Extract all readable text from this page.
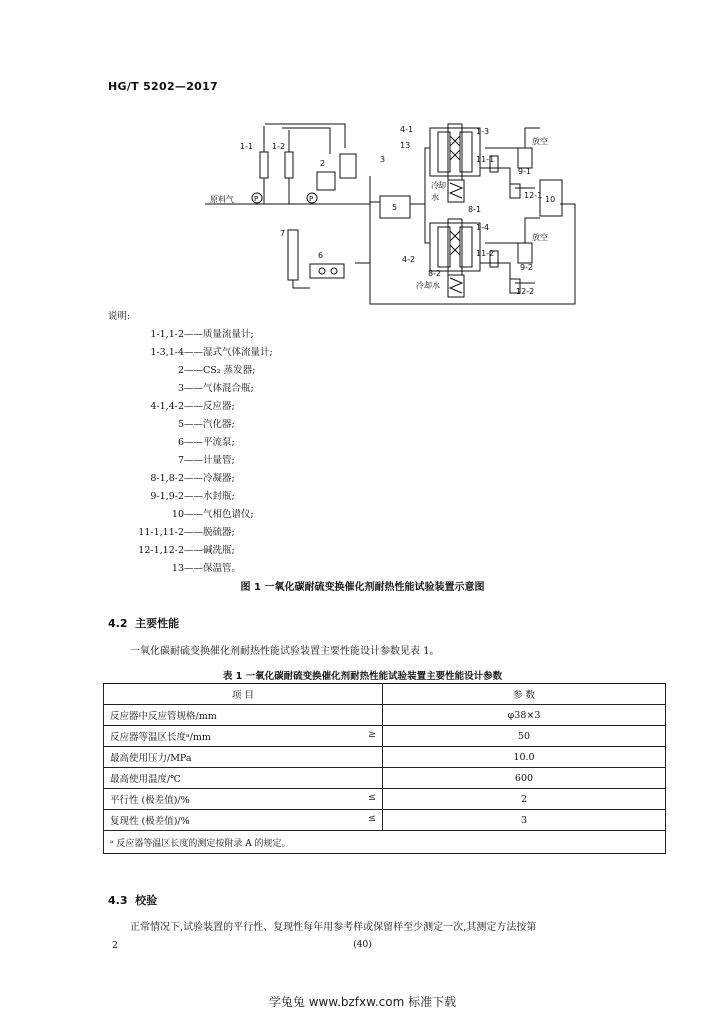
HG/T 5202—2017
1-1 1-2
2	3
4-1
13
1-3
11-1
9-1
放空
冷 却
水
8-1
12-1 10
5
原料气
7
6
1-4
11-2
放空
9-2
4-2
8-2
冷却水
12-2
P	P
说明:
1-1,1-2——质量流量计;
1-3,1-4——湿式气体流量计;
2——CS₂ 蒸发器;
3——气体混合瓶;
4-1,4-2——反应器;
5——汽化器;
6——平流泵;
7——计量管;
8-1,8-2——冷凝器;
9-1,9-2——水封瓶;
10——气相色谱仪;
11-1,11-2——脱硫器;
12-1,12-2——碱洗瓶;
13——保温管。
图 1 一氧化碳耐硫变换催化剂耐热性能试验装置示意图
4.2 主要性能
一氧化碳耐硫变换催化剂耐热性能试验装置主要性能设计参数见表 1。
表 1 一氧化碳耐硫变换催化剂耐热性能试验装置主要性能设计参数
项 目	参 数
反应器中反应管规格/mm	φ38×3
反应器等温区长度ᵃ/mm ≥	50
最高使用压力/MPa	10.0
最高使用温度/℃	600
平行性 (极差值)/% ≤	2
复现性 (极差值)/% ≤	3
ᵃ 反应器等温区长度的测定按附录 A 的规定。	
4.3 校验
正常情况下,试验装置的平行性、复现性每年用参考样或保留样至少测定一次,其测定方法按第
2	(40)
学兔兔 www.bzfxw.com 标准下载
